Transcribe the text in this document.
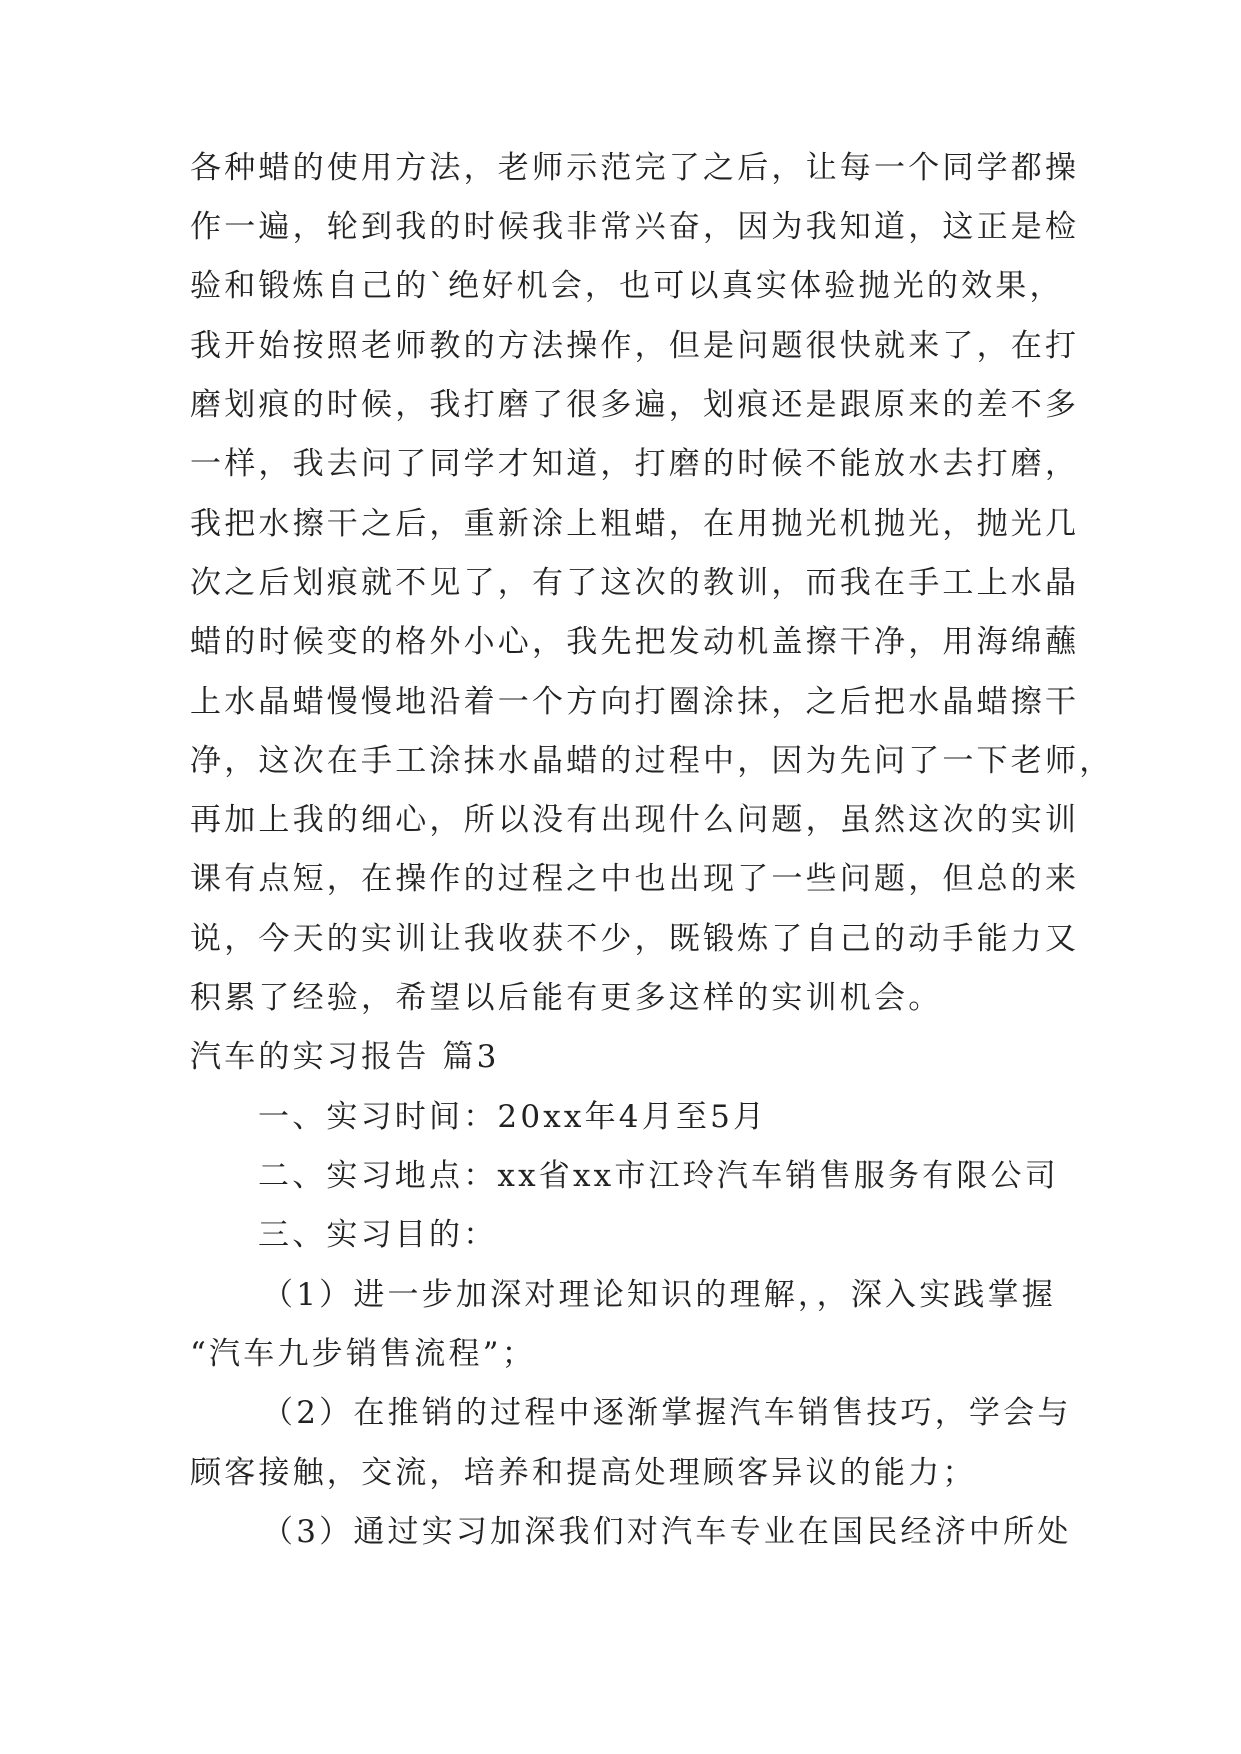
各种蜡的使用方法，老师示范完了之后，让每一个同学都操
作一遍，轮到我的时候我非常兴奋，因为我知道，这正是检
验和锻炼自己的`绝好机会，也可以真实体验抛光的效果，
我开始按照老师教的方法操作，但是问题很快就来了，在打
磨划痕的时候，我打磨了很多遍，划痕还是跟原来的差不多
一样，我去问了同学才知道，打磨的时候不能放水去打磨，
我把水擦干之后，重新涂上粗蜡，在用抛光机抛光，抛光几
次之后划痕就不见了，有了这次的教训，而我在手工上水晶
蜡的时候变的格外小心，我先把发动机盖擦干净，用海绵蘸
上水晶蜡慢慢地沿着一个方向打圈涂抹，之后把水晶蜡擦干
净，这次在手工涂抹水晶蜡的过程中，因为先问了一下老师，
再加上我的细心，所以没有出现什么问题，虽然这次的实训
课有点短，在操作的过程之中也出现了一些问题，但总的来
说，今天的实训让我收获不少，既锻炼了自己的动手能力又
积累了经验，希望以后能有更多这样的实训机会。
汽车的实习报告 篇3
一、实习时间：20xx年4月至5月
二、实习地点：xx省xx市江玲汽车销售服务有限公司
三、实习目的：
（1）进一步加深对理论知识的理解，，深入实践掌握
“汽车九步销售流程”；
（2）在推销的过程中逐渐掌握汽车销售技巧，学会与
顾客接触，交流，培养和提高处理顾客异议的能力；
（3）通过实习加深我们对汽车专业在国民经济中所处
